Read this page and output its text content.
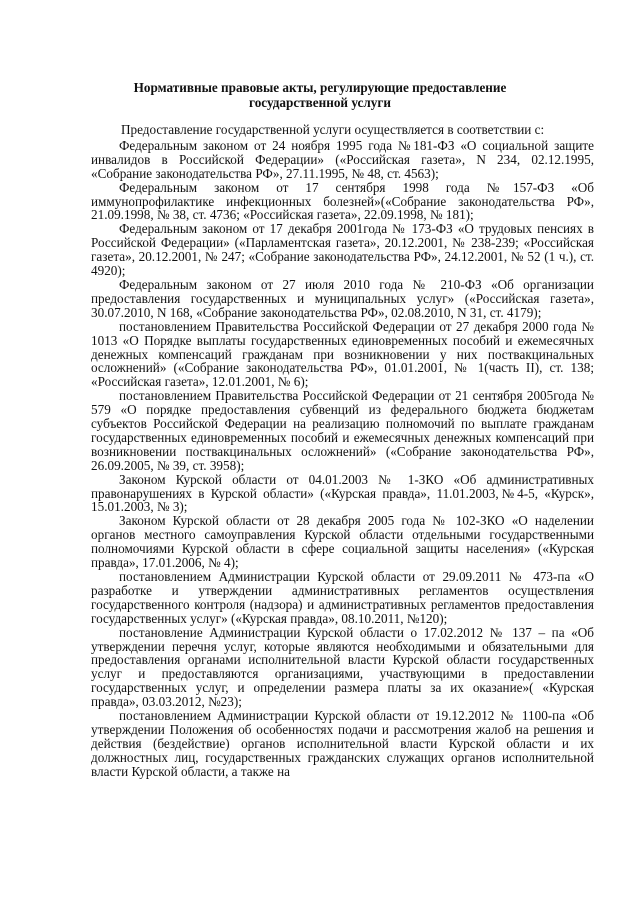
Нормативные правовые акты, регулирующие предоставление государственной услуги

Предоставление государственной услуги осуществляется в соответствии с:

Федеральным законом от 24 ноября 1995 года №181-ФЗ «О социальной защите инвалидов в Российской Федерации» («Российская газета», N 234, 02.12.1995, «Собрание законодательства РФ», 27.11.1995, № 48, ст. 4563);

Федеральным законом от 17 сентября 1998 года №157-ФЗ «Об иммунопрофилактике инфекционных болезней»(«Собрание законодательства РФ», 21.09.1998, № 38, ст. 4736; «Российская газета», 22.09.1998, № 181);

Федеральным законом от 17 декабря 2001года № 173-ФЗ «О трудовых пенсиях в Российской Федерации» («Парламентская газета», 20.12.2001, № 238-239; «Российская газета», 20.12.2001, № 247; «Собрание законодательства РФ», 24.12.2001, № 52 (1 ч.), ст. 4920);

Федеральным законом от 27 июля 2010 года № 210-ФЗ «Об организации предоставления государственных и муниципальных услуг» («Российская газета», 30.07.2010, N 168, «Собрание законодательства РФ», 02.08.2010, N 31, ст. 4179);

постановлением Правительства Российской Федерации от 27 декабря 2000 года № 1013 «О Порядке выплаты государственных единовременных пособий и ежемесячных денежных компенсаций гражданам при возникновении у них поствакцинальных осложнений» («Собрание законодательства РФ», 01.01.2001, № 1(часть II), ст. 138; «Российская газета», 12.01.2001, № 6);

постановлением Правительства Российской Федерации от 21 сентября 2005года № 579 «О порядке предоставления субвенций из федерального бюджета бюджетам субъектов Российской Федерации на реализацию полномочий по выплате гражданам государственных единовременных пособий и ежемесячных денежных компенсаций при возникновении поствакцинальных осложнений» («Собрание законодательства РФ», 26.09.2005, № 39, ст. 3958);

Законом Курской области от 04.01.2003 № 1-ЗКО «Об административных правонарушениях в Курской области» («Курская правда», 11.01.2003,№4-5, «Курск», 15.01.2003, № 3);

Законом Курской области от 28 декабря 2005 года № 102-ЗКО «О наделении органов местного самоуправления Курской области отдельными государственными полномочиями Курской области в сфере социальной защиты населения» («Курская правда», 17.01.2006, № 4);

постановлением Администрации Курской области от 29.09.2011 № 473-па «О разработке и утверждении административных регламентов осуществления государственного контроля (надзора) и административных регламентов предоставления государственных услуг» («Курская правда», 08.10.2011, №120);

постановление Администрации Курской области о 17.02.2012 № 137 – па «Об утверждении перечня услуг, которые являются необходимыми и обязательными для предоставления органами исполнительной власти Курской области государственных услуг и предоставляются организациями, участвующими в предоставлении государственных услуг, и определении размера платы за их оказание»( «Курская правда», 03.03.2012, №23);

постановлением Администрации Курской области от 19.12.2012 № 1100-па «Об утверждении Положения об особенностях подачи и рассмотрения жалоб на решения и действия (бездействие) органов исполнительной власти Курской области и их должностных лиц, государственных гражданских служащих органов исполнительной власти Курской области, а также на
